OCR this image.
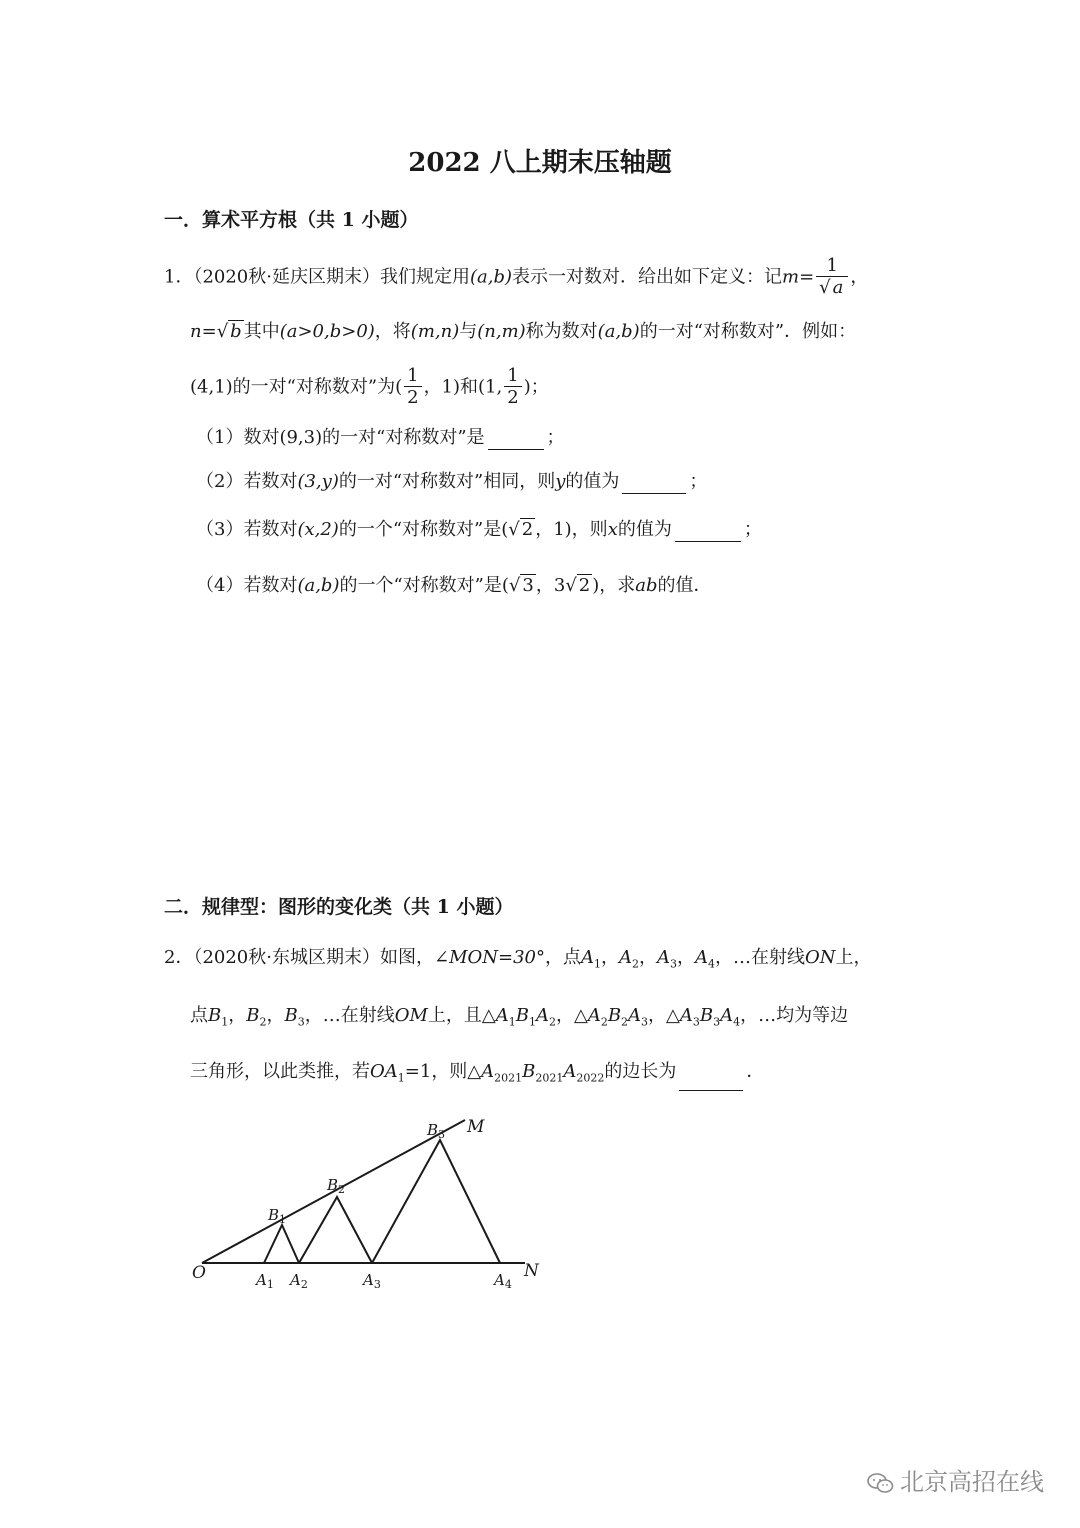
2022 八上期末压轴题
一．算术平方根（共 1 小题）
1．（2020秋·延庆区期末）我们规定用(a,b)表示一对数对．给出如下定义：记$m= \frac{1}{√ a}$ ，
n=√ b 其中(a>0,b>0)，将(m,n)与(n,m)称为数对(a,b)的一对“对称数对”．例如：
(4,1)的一对“对称数对”为( $\frac{1}{2}$ ，1)和(1, $\frac{1}{2}$ )；
（1）数对(9,3)的一对“对称数对”是	；
（2）若数对(3,y)的一对“对称数对”相同，则y的值为	；
（3）若数对(x,2)的一个“对称数对”是(√ 2 ，1)，则x的值为	；
（4）若数对(a,b)的一个“对称数对”是(√ 3 ，3√ 2 )，求ab的值．
二．规律型：图形的变化类（共 1 小题）
2．（2020秋·东城区期末）如图，∠MON=30°，点$A_1$，$A_2$，$A_3$，$A_4$，…在射线ON上，
点$B_1$，$B_2$，$B_3$，…在射线OM上，且$\triangle A_1B_1A_2$，$\triangle A_2B_2A_3$，$\triangle A_3B_3A_4$，…均为等边
三角形，以此类推，若$OA_1=1$，则$\triangle A_{2021}B_{2021}A_{2022}$的边长为	．
O
M
N
$A_1$ $A_2$	$A_3$	$A_4$
$B_1$
$B_2$
$B_3$
北京高招在线
